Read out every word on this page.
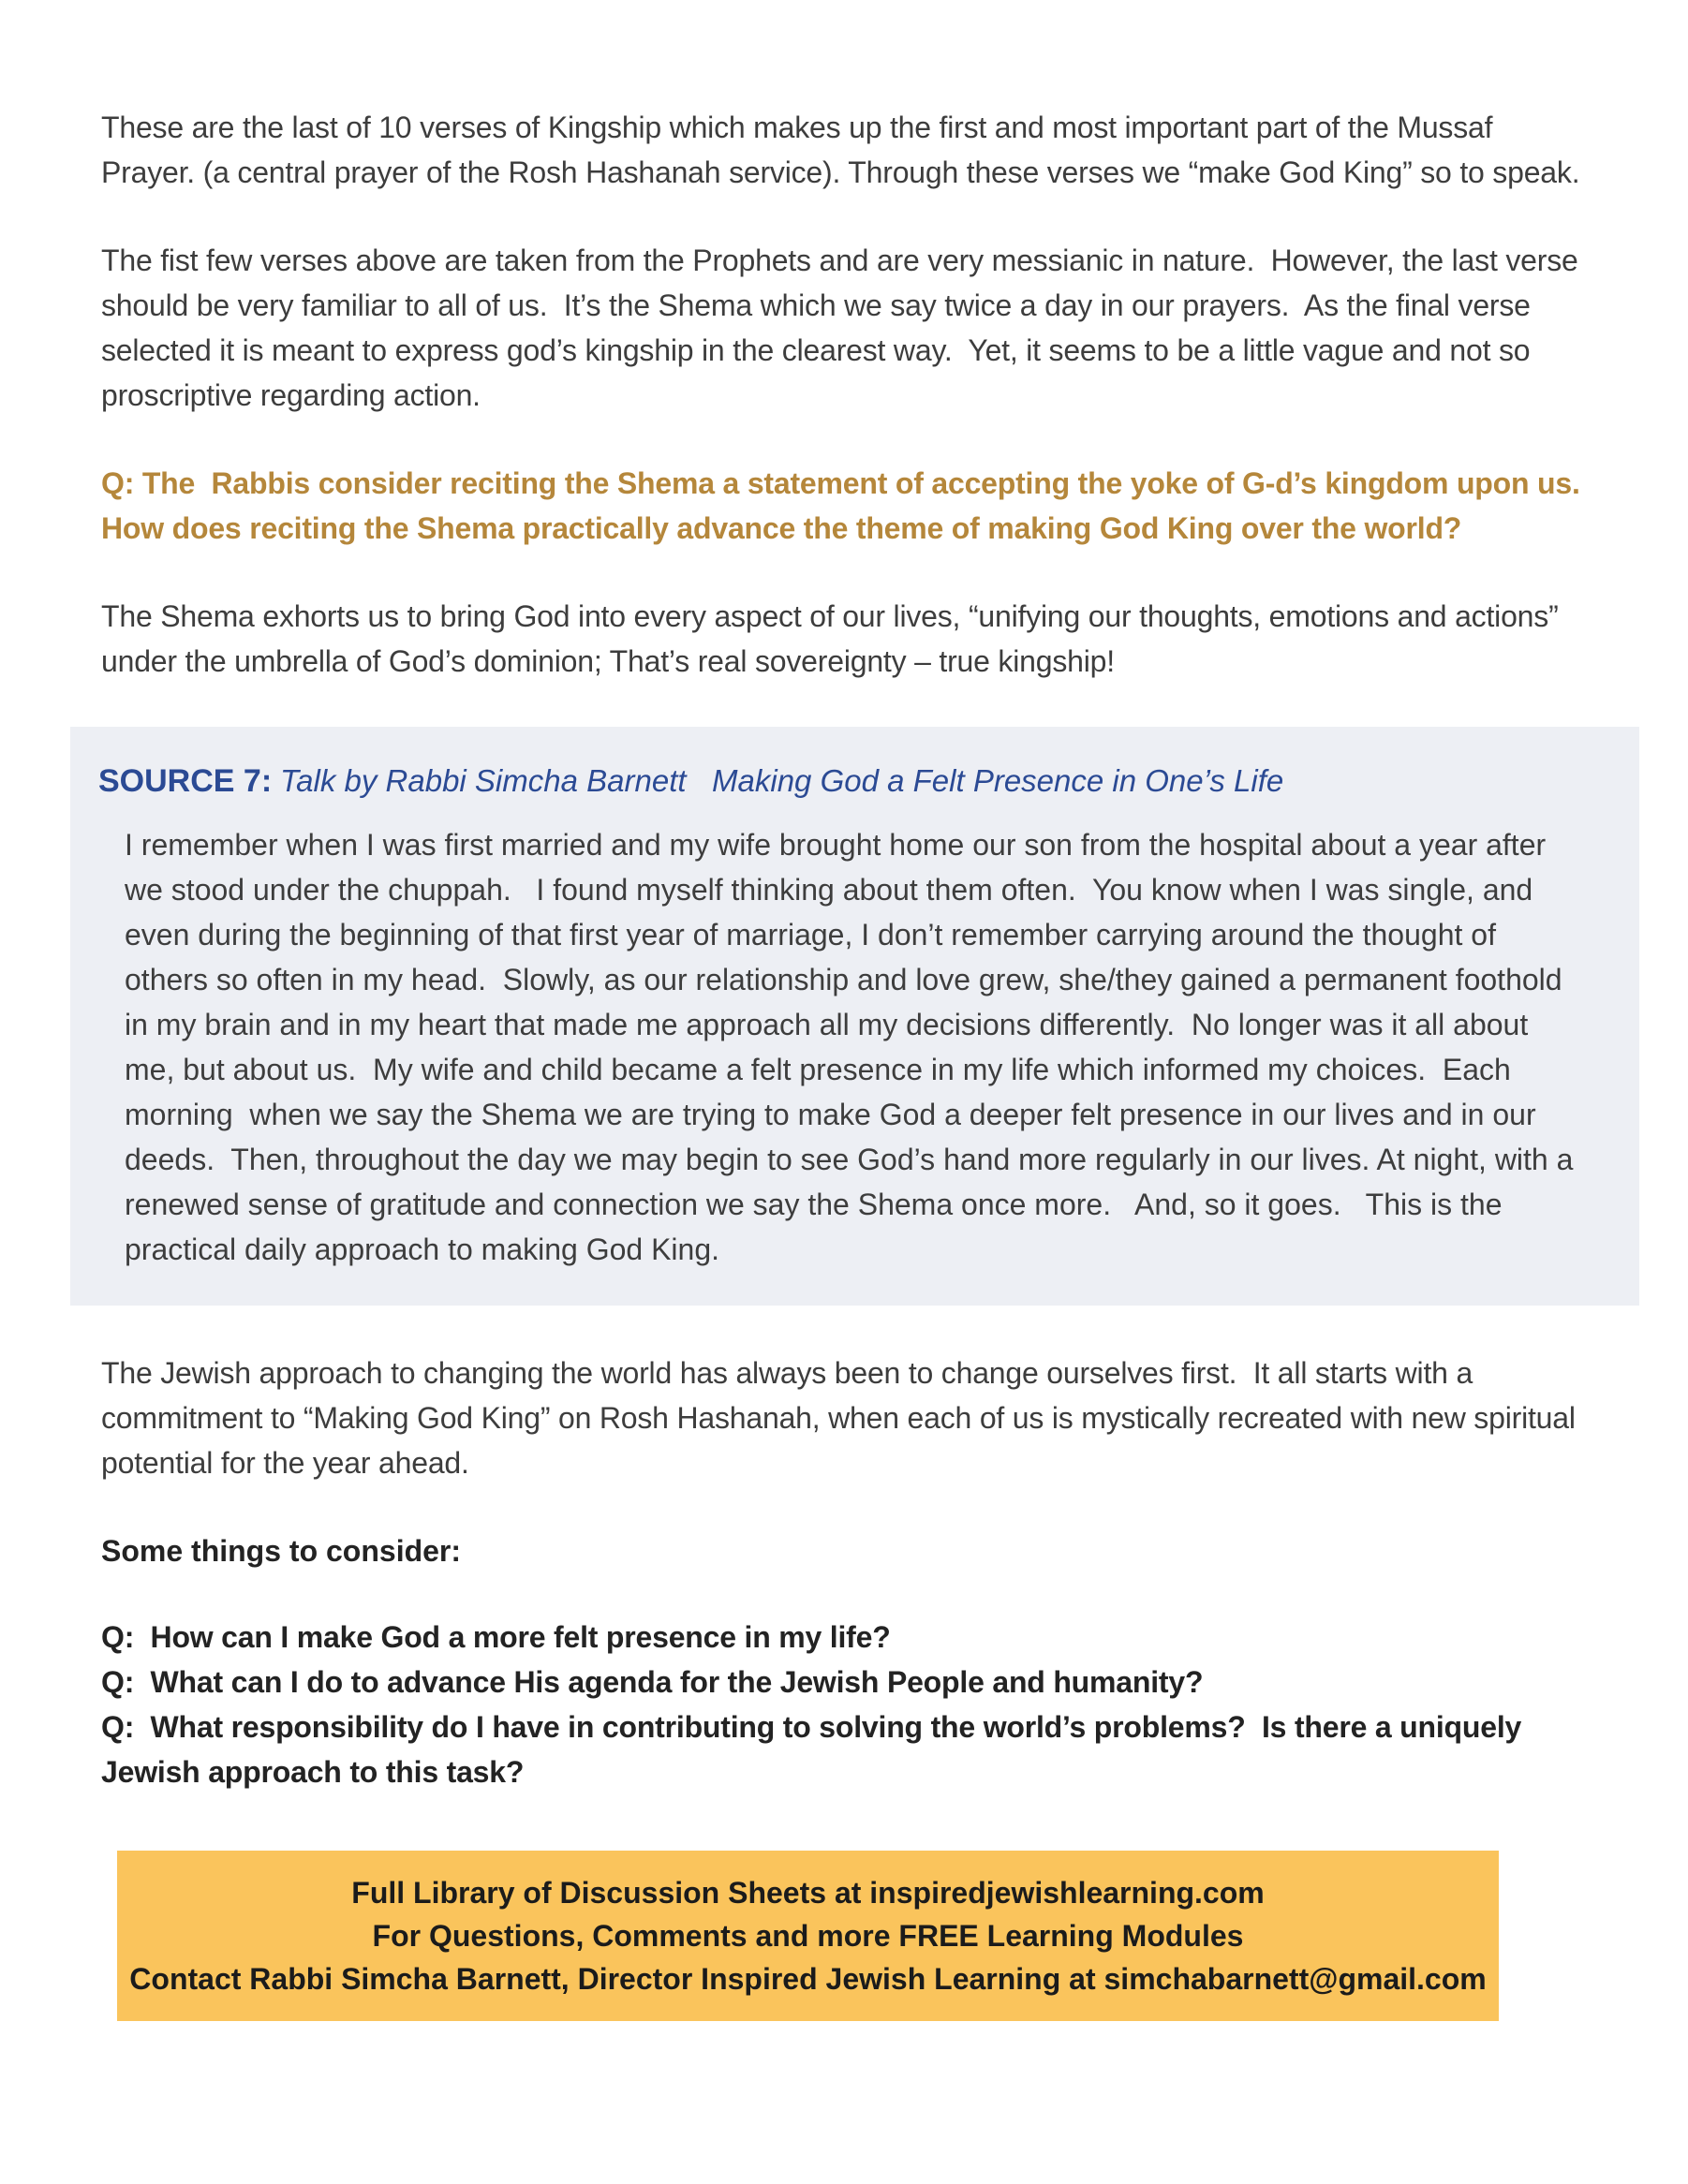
These are the last of 10 verses of Kingship which makes up the first and most important part of the Mussaf Prayer. (a central prayer of the Rosh Hashanah service). Through these verses we “make God King” so to speak.

The fist few verses above are taken from the Prophets and are very messianic in nature.  However, the last verse should be very familiar to all of us.  It’s the Shema which we say twice a day in our prayers.  As the final verse selected it is meant to express god’s kingship in the clearest way.  Yet, it seems to be a little vague and not so proscriptive regarding action.

Q: The  Rabbis consider reciting the Shema a statement of accepting the yoke of G-d’s kingdom upon us.  How does reciting the Shema practically advance the theme of making God King over the world?

The Shema exhorts us to bring God into every aspect of our lives, “unifying our thoughts, emotions and actions” under the umbrella of God’s dominion; That’s real sovereignty – true kingship!

SOURCE 7: Talk by Rabbi Simcha Barnett   Making God a Felt Presence in One’s Life

I remember when I was first married and my wife brought home our son from the hospital about a year after we stood under the chuppah.   I found myself thinking about them often.  You know when I was single, and even during the beginning of that first year of marriage, I don’t remember carrying around the thought of others so often in my head.  Slowly, as our relationship and love grew, she/they gained a permanent foothold in my brain and in my heart that made me approach all my decisions differently.  No longer was it all about me, but about us.  My wife and child became a felt presence in my life which informed my choices.  Each morning  when we say the Shema we are trying to make God a deeper felt presence in our lives and in our deeds.  Then, throughout the day we may begin to see God’s hand more regularly in our lives. At night, with a renewed sense of gratitude and connection we say the Shema once more.   And, so it goes.   This is the practical daily approach to making God King.

The Jewish approach to changing the world has always been to change ourselves first.  It all starts with a commitment to “Making God King” on Rosh Hashanah, when each of us is mystically recreated with new spiritual potential for the year ahead.

Some things to consider:

Q:  How can I make God a more felt presence in my life?

Q:  What can I do to advance His agenda for the Jewish People and humanity?

Q:  What responsibility do I have in contributing to solving the world’s problems?  Is there a uniquely Jewish approach to this task?

Full Library of Discussion Sheets at inspiredjewishlearning.com
For Questions, Comments and more FREE Learning Modules
Contact Rabbi Simcha Barnett, Director Inspired Jewish Learning at simchabarnett@gmail.com
